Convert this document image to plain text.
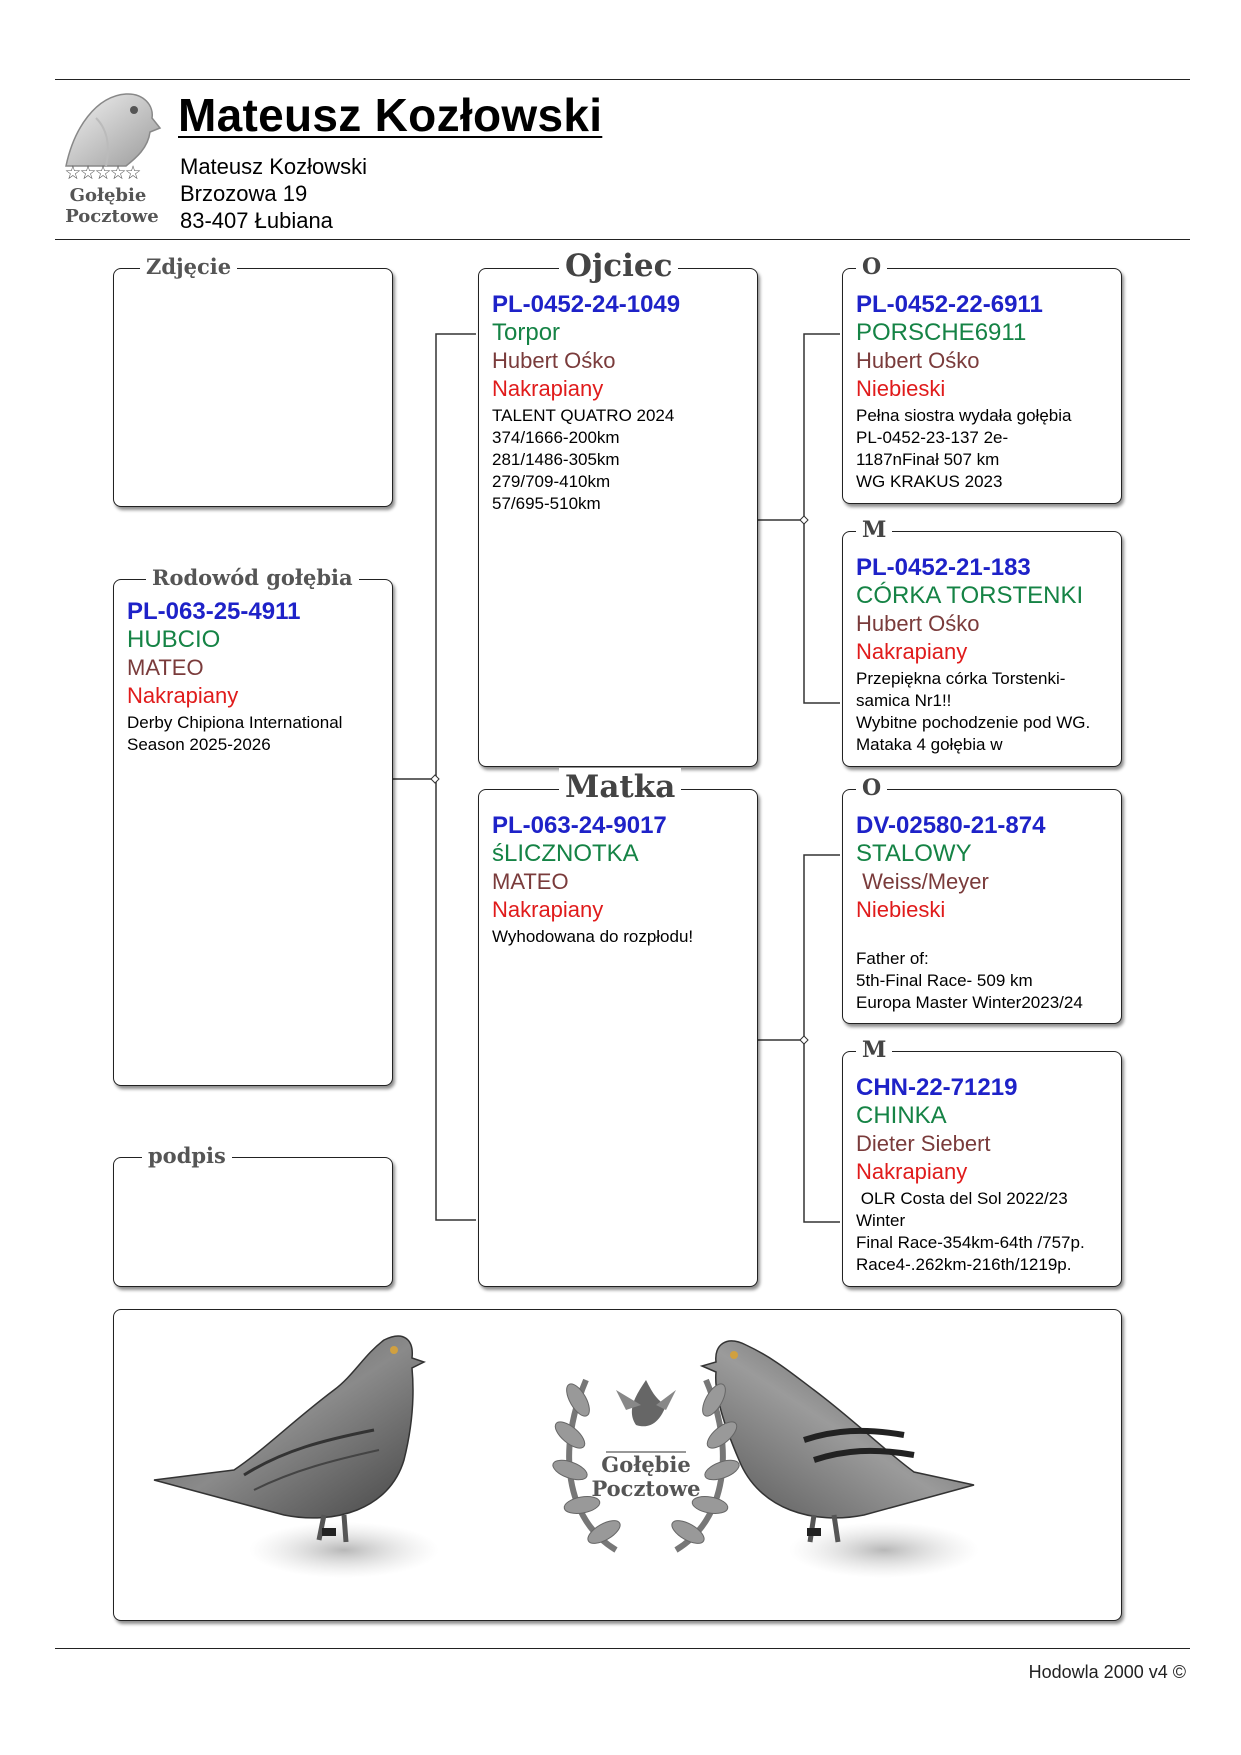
☆☆☆☆☆
Gołębie
Pocztowe
Mateusz Kozłowski
Mateusz Kozłowski
Brzozowa 19
83-407 Łubiana
Zdjęcie
Rodowód gołębia
PL-063-25-4911
HUBCIO
MATEO
Nakrapiany
Derby Chipiona International
Season 2025-2026
podpis
Ojciec
PL-0452-24-1049
Torpor
Hubert Ośko
Nakrapiany
TALENT QUATRO 2024
374/1666-200km
281/1486-305km
279/709-410km
57/695-510km
Matka
PL-063-24-9017
śLICZNOTKA
MATEO
Nakrapiany
Wyhodowana do rozpłodu!
O
PL-0452-22-6911
PORSCHE6911
Hubert Ośko
Niebieski
Pełna siostra wydała gołębia
PL-0452-23-137 2e-
1187nFinał 507 km
WG KRAKUS 2023
M
PL-0452-21-183
CÓRKA TORSTENKI
Hubert Ośko
Nakrapiany
Przepiękna córka Torstenki-
samica Nr1!!
Wybitne pochodzenie pod WG.
Mataka 4 gołębia w
O
DV-02580-21-874
STALOWY
Weiss/Meyer
Niebieski
Father of:
5th-Final Race- 509 km
Europa Master Winter2023/24
M
CHN-22-71219
CHINKA
Dieter Siebert
Nakrapiany
OLR Costa del Sol 2022/23
Winter
Final Race-354km-64th /757p.
Race4-.262km-216th/1219p.
Gołębie
Pocztowe
Hodowla 2000 v4 ©
